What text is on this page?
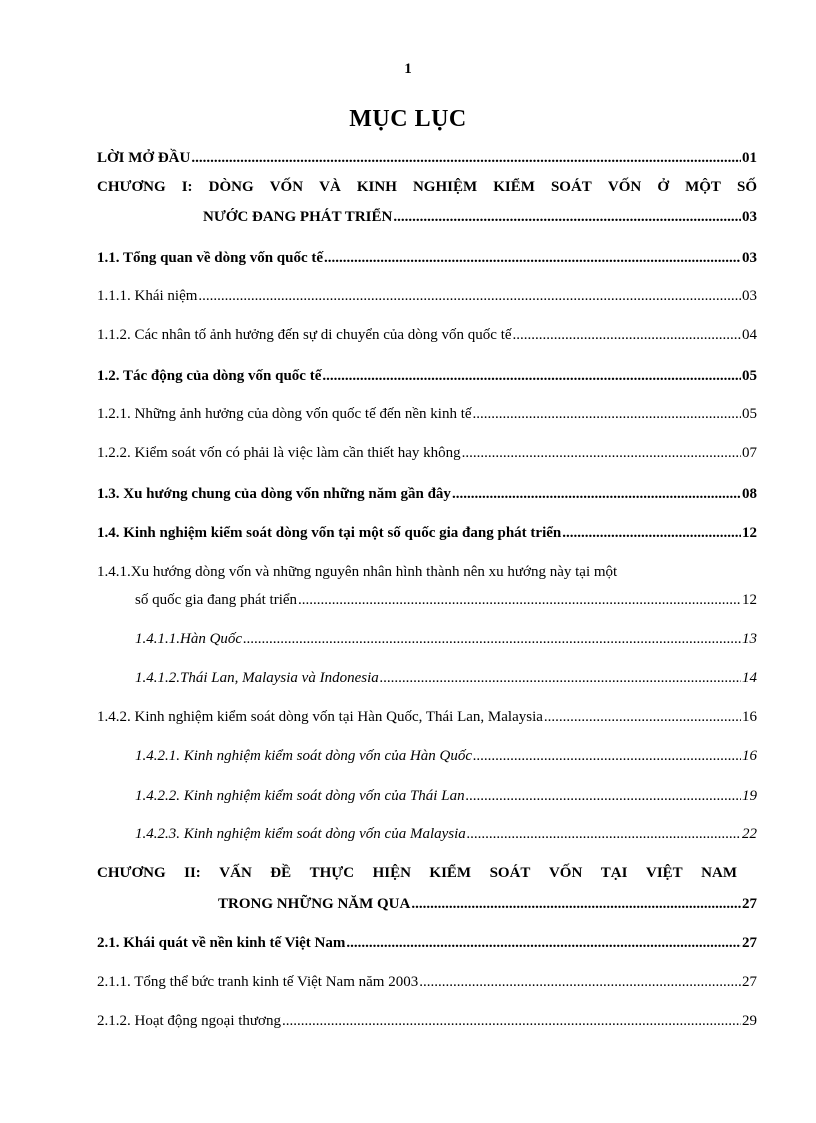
1
MỤC LỤC
LỜI MỞ ĐẦU .....	01
CHƯƠNG I: DÒNG VỐN VÀ KINH NGHIỆM KIỂM SOÁT VỐN Ở MỘT SỐ
NƯỚC ĐANG PHÁT TRIỂN .....	03
1.1. Tổng quan về dòng vốn quốc tế .....	03
1.1.1. Khái niệm .....	03
1.1.2. Các nhân tố ảnh hưởng đến sự di chuyển của dòng vốn quốc tế .....	04
1.2. Tác động của dòng vốn quốc tế .....	05
1.2.1. Những ảnh hưởng của dòng vốn quốc tế đến nền kinh tế .....	05
1.2.2. Kiểm soát vốn có phải là việc làm cần thiết hay không .....	07
1.3. Xu hướng chung của dòng vốn những năm gần đây .....	08
1.4. Kinh nghiệm kiểm soát dòng vốn tại một số quốc gia đang phát triển .....	12
1.4.1.Xu hướng dòng vốn và những nguyên nhân hình thành nên xu hướng này tại một
số quốc gia đang phát triển .....	12
1.4.1.1.Hàn Quốc .....	13
1.4.1.2.Thái Lan, Malaysia và Indonesia .....	14
1.4.2. Kinh nghiệm kiểm soát dòng vốn tại Hàn Quốc, Thái Lan, Malaysia .....	16
1.4.2.1. Kinh nghiệm kiểm soát dòng vốn của Hàn Quốc .....	16
1.4.2.2. Kinh nghiệm kiểm soát dòng vốn của Thái Lan .....	19
1.4.2.3. Kinh nghiệm kiểm soát dòng vốn của Malaysia .....	22
CHƯƠNG II: VẤN ĐỀ THỰC HIỆN KIỂM SOÁT VỐN TẠI VIỆT NAM
TRONG NHỮNG NĂM QUA .....	27
2.1. Khái quát về nền kinh tế Việt Nam .....	27
2.1.1. Tổng thể bức tranh kinh tế Việt Nam năm 2003 .....	27
2.1.2. Hoạt động ngoại thương .....	29
